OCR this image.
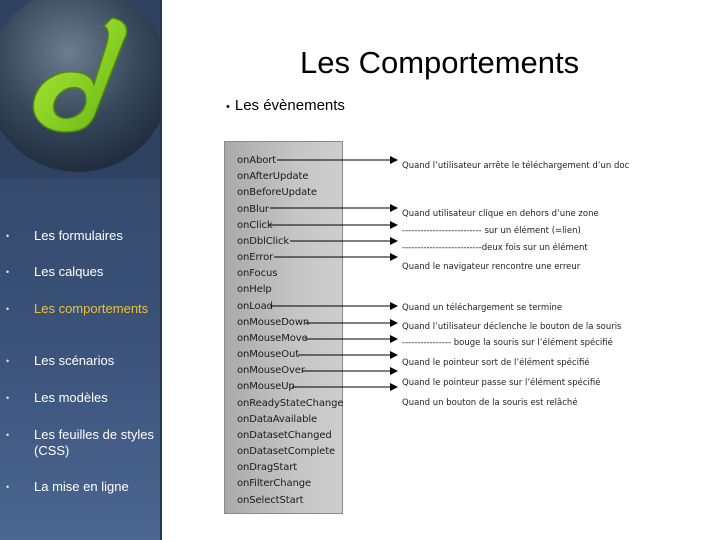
• Les formulaires
• Les calques
• Les comportements
• Les scénarios
• Les modèles
• Les feuilles de styles (CSS)
• La mise en ligne
Les Comportements
• Les évènements
onAbort
onAfterUpdate
onBeforeUpdate
onBlur
onClick
onDblClick
onError
onFocus
onHelp
onLoad
onMouseDown
onMouseMove
onMouseOut
onMouseOver
onMouseUp
onReadyStateChange
onDataAvailable
onDatasetChanged
onDatasetComplete
onDragStart
onFilterChange
onSelectStart
Quand l’utilisateur arrête le téléchargement d’un doc
Quand utilisateur clique en dehors d’une zone
-------------------------- sur un élément (=lien)
--------------------------deux fois sur un élément
Quand le navigateur rencontre une erreur
Quand un téléchargement se termine
Quand l’utilisateur déclenche le bouton de la souris
---------------- bouge la souris sur l’élément spécifié
Quand le pointeur sort de l’élément spécifié
Quand le pointeur passe sur l’élément spécifié
Quand un bouton de la souris est relâché
